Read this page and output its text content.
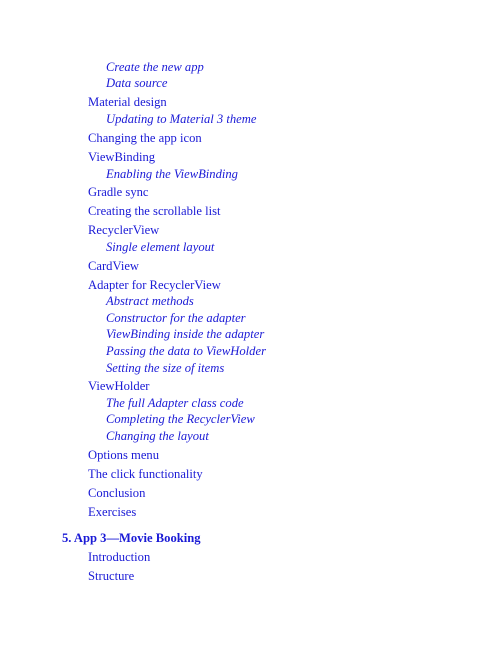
Create the new app
Data source
Material design
Updating to Material 3 theme
Changing the app icon
ViewBinding
Enabling the ViewBinding
Gradle sync
Creating the scrollable list
RecyclerView
Single element layout
CardView
Adapter for RecyclerView
Abstract methods
Constructor for the adapter
ViewBinding inside the adapter
Passing the data to ViewHolder
Setting the size of items
ViewHolder
The full Adapter class code
Completing the RecyclerView
Changing the layout
Options menu
The click functionality
Conclusion
Exercises
5. App 3—Movie Booking
Introduction
Structure
